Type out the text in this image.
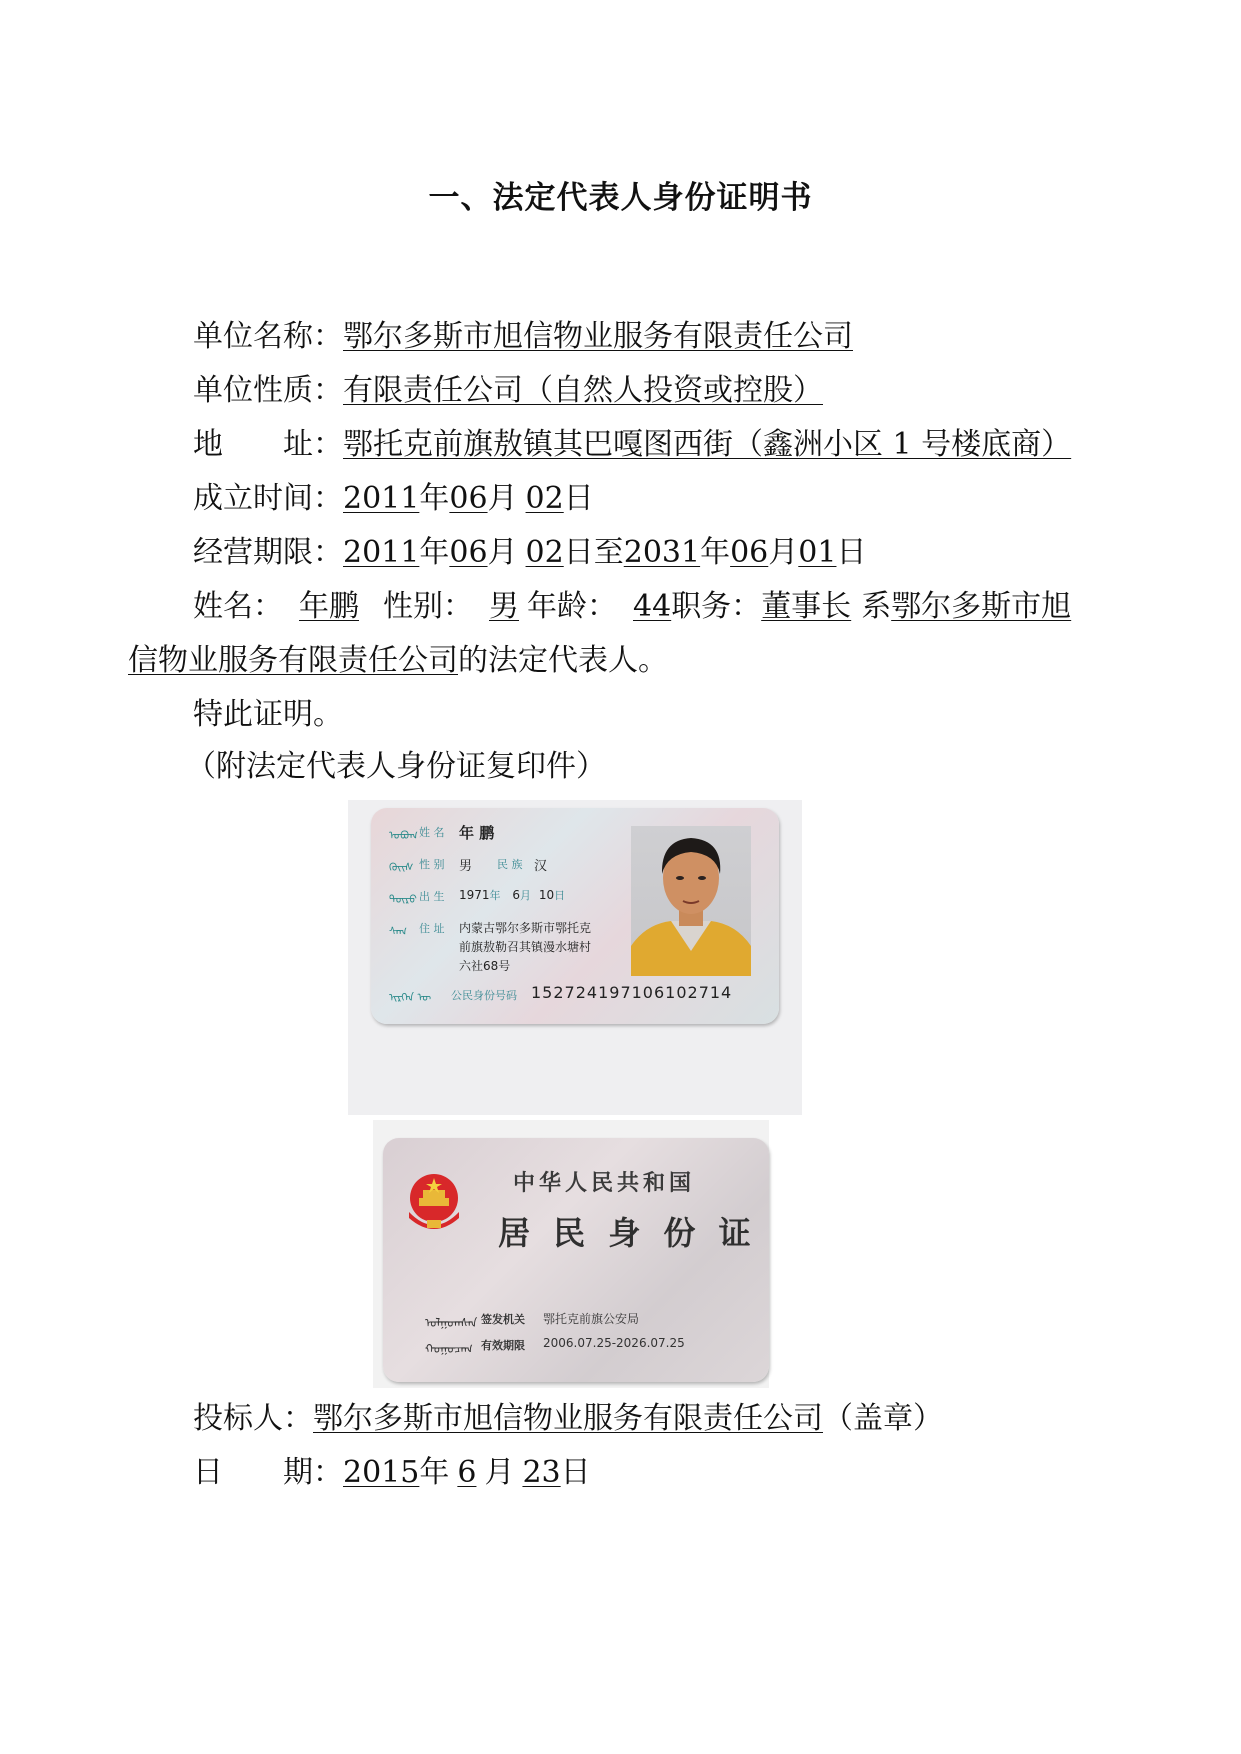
一、法定代表人身份证明书
单位名称：鄂尔多斯市旭信物业服务有限责任公司
单位性质：有限责任公司（自然人投资或控股）
地　　址：鄂托克前旗敖镇其巴嘎图西街（鑫洲小区 1 号楼底商）
成立时间：2011年06月 02日
经营期限：2011年06月 02日至2031年06月01日
姓名： 年鹏 性别： 男 年龄： 44职务：董事长 系鄂尔多斯市旭
信物业服务有限责任公司的法定代表人。
特此证明。
（附法定代表人身份证复印件）
ᠣᠪᠣᠭ 姓 名 年 鹏
ᠬᠦᠢᠰ 性 别 男 民 族 汉
ᠲᠥᠷᠥ 出 生 1971年 6月 10日
ᠰᠠᠭ 住 址 内蒙古鄂尔多斯市鄂托克
前旗敖勒召其镇漫水塘村
六社68号
ᠢᠷᠭᠡᠨ ᠦ 公民身份号码 152724197106102714
中华人民共和国
居 民 身 份 证
ᠣᠯᠭᠣᠭᠰᠠᠨ 签发机关 鄂托克前旗公安局
ᠬᠤᠭᠤᠴᠠᠭ 有效期限 2006.07.25-2026.07.25
投标人：鄂尔多斯市旭信物业服务有限责任公司（盖章）
日　　期：2015年 6 月 23日
